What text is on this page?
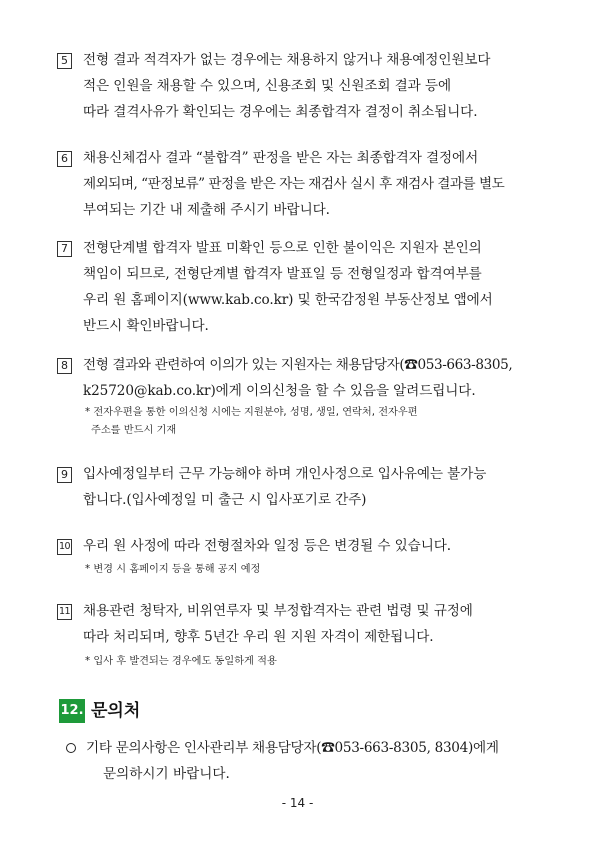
5 전형 결과 적격자가 없는 경우에는 채용하지 않거나 채용예정인원보다
적은 인원을 채용할 수 있으며, 신용조회 및 신원조회 결과 등에
따라 결격사유가 확인되는 경우에는 최종합격자 결정이 취소됩니다.
6 채용신체검사 결과 “불합격” 판정을 받은 자는 최종합격자 결정에서
제외되며, “판정보류” 판정을 받은 자는 재검사 실시 후 재검사 결과를 별도
부여되는 기간 내 제출해 주시기 바랍니다.
7 전형단계별 합격자 발표 미확인 등으로 인한 불이익은 지원자 본인의
책임이 되므로, 전형단계별 합격자 발표일 등 전형일정과 합격여부를
우리 원 홈페이지(www.kab.co.kr) 및 한국감정원 부동산정보 앱에서
반드시 확인바랍니다.
8 전형 결과와 관련하여 이의가 있는 지원자는 채용담당자(☎053-663-8305,
k25720@kab.co.kr)에게 이의신청을 할 수 있음을 알려드립니다.
* 전자우편을 통한 이의신청 시에는 지원분야, 성명, 생일, 연락처, 전자우편
주소를 반드시 기재
9 입사예정일부터 근무 가능해야 하며 개인사정으로 입사유예는 불가능
합니다.(입사예정일 미 출근 시 입사포기로 간주)
10 우리 원 사정에 따라 전형절차와 일정 등은 변경될 수 있습니다.
* 변경 시 홈페이지 등을 통해 공지 예정
11 채용관련 청탁자, 비위연루자 및 부정합격자는 관련 법령 및 규정에
따라 처리되며, 향후 5년간 우리 원 지원 자격이 제한됩니다.
* 입사 후 발견되는 경우에도 동일하게 적용
12. 문의처
기타 문의사항은 인사관리부 채용담당자(☎053-663-8305, 8304)에게
문의하시기 바랍니다.
- 14 -
